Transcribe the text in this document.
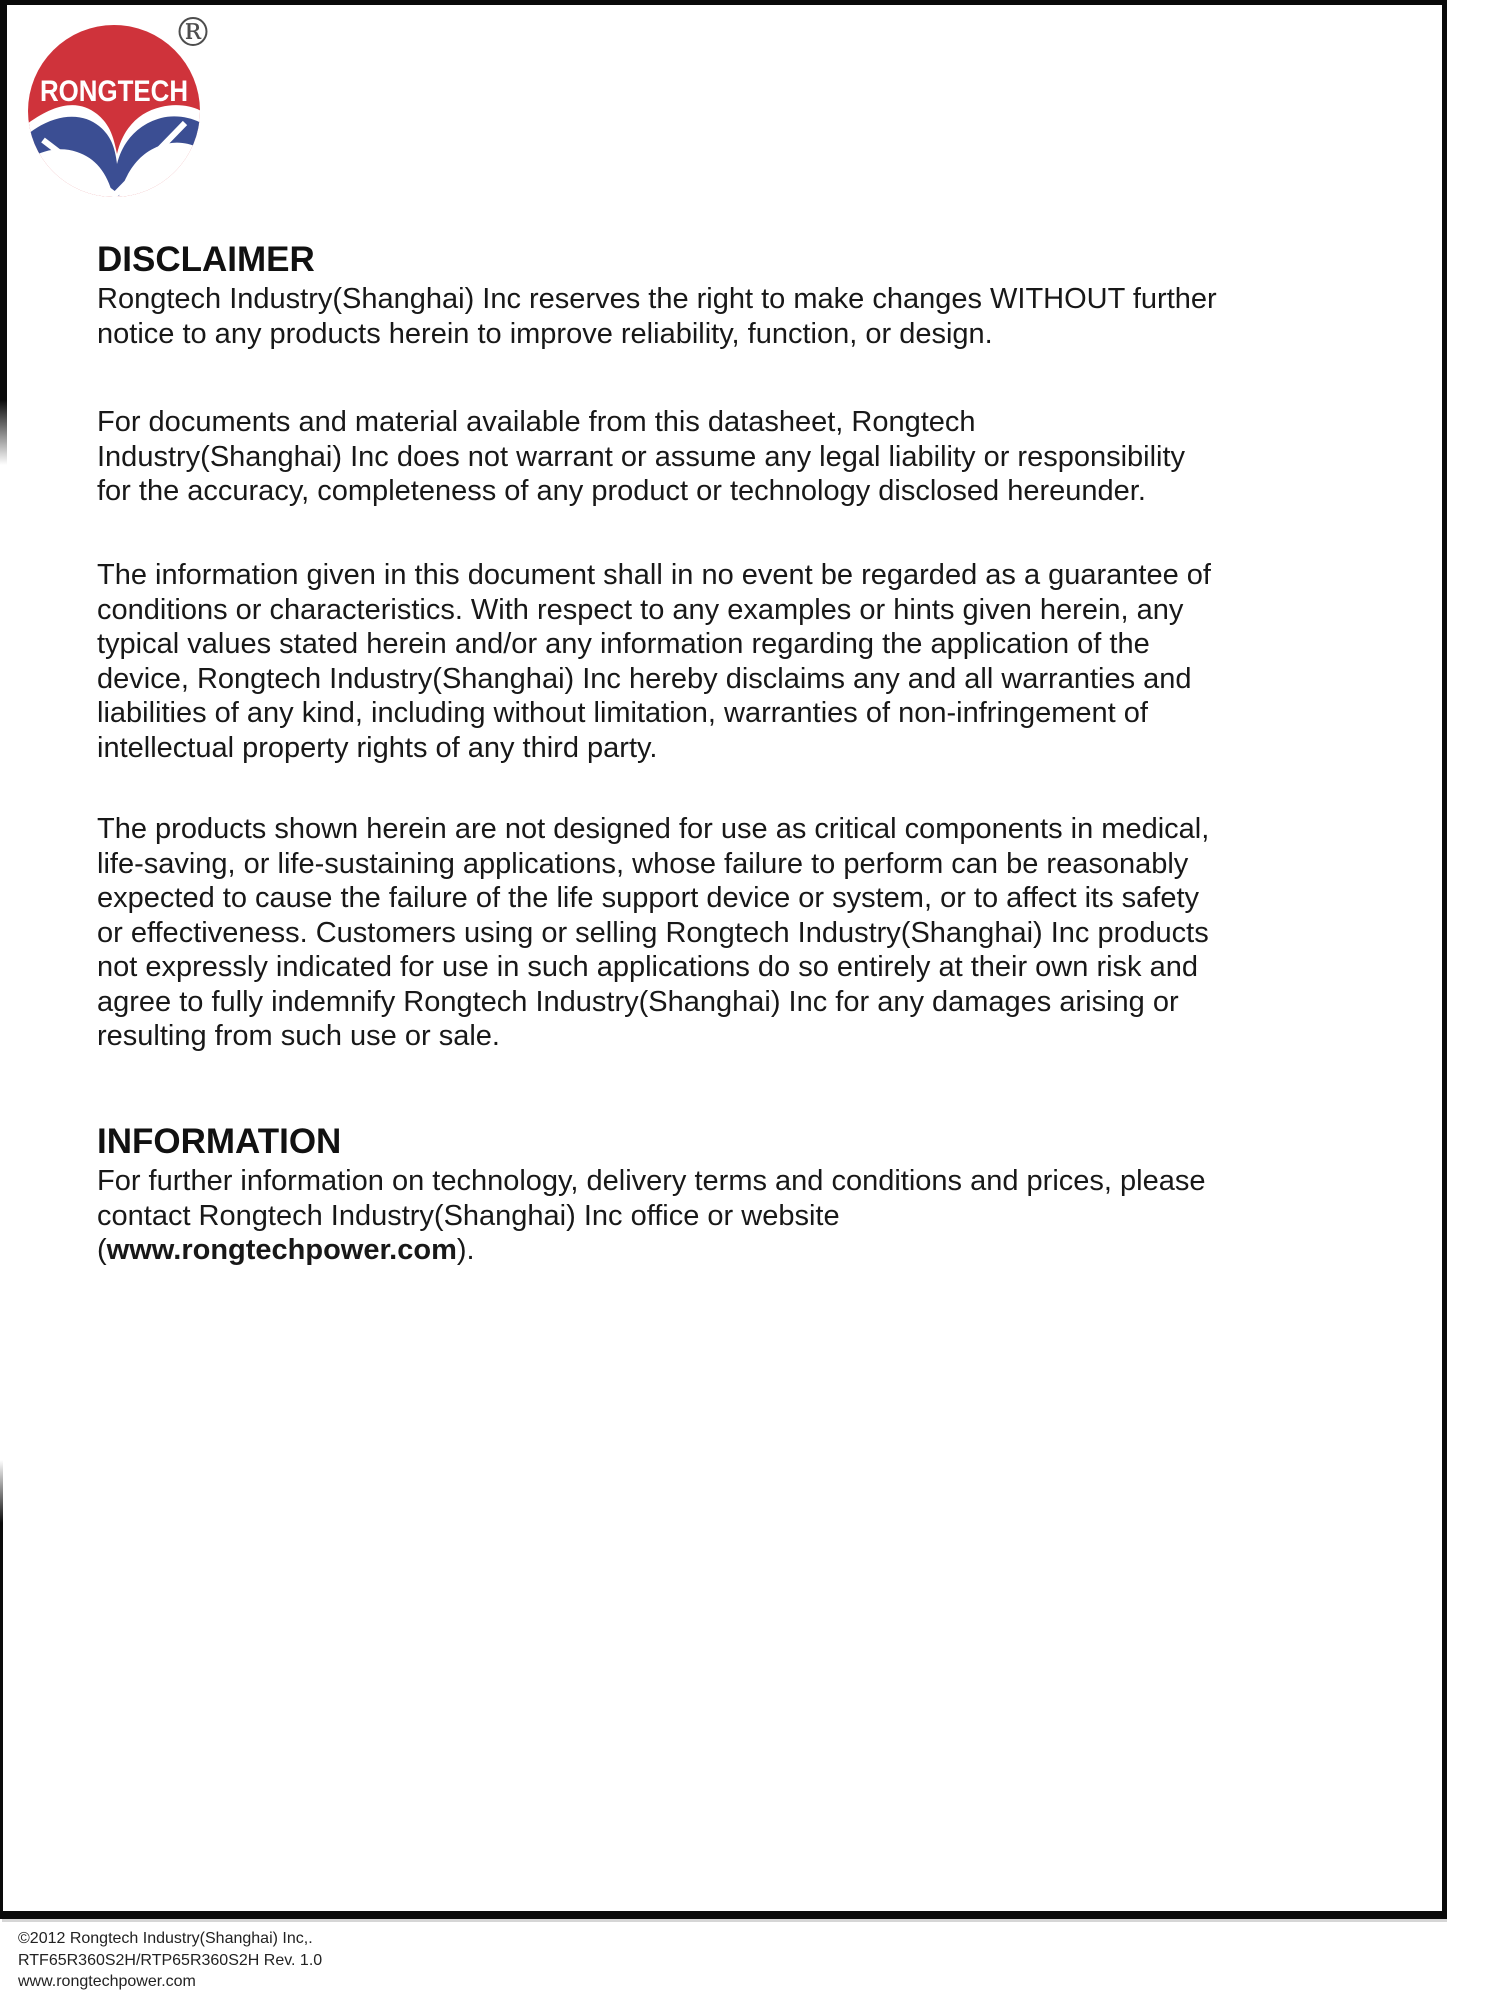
RONGTECH
®
DISCLAIMER
Rongtech Industry(Shanghai) Inc reserves the right to make changes WITHOUT further
notice to any products herein to improve reliability, function, or design.
For documents and material available from this datasheet, Rongtech
Industry(Shanghai) Inc does not warrant or assume any legal liability or responsibility
for the accuracy, completeness of any product or technology disclosed hereunder.
The information given in this document shall in no event be regarded as a guarantee of
conditions or characteristics. With respect to any examples or hints given herein, any
typical values stated herein and/or any information regarding the application of the
device, Rongtech Industry(Shanghai) Inc hereby disclaims any and all warranties and
liabilities of any kind, including without limitation, warranties of non-infringement of
intellectual property rights of any third party.
The products shown herein are not designed for use as critical components in medical,
life-saving, or life-sustaining applications, whose failure to perform can be reasonably
expected to cause the failure of the life support device or system, or to affect its safety
or effectiveness. Customers using or selling Rongtech Industry(Shanghai) Inc products
not expressly indicated for use in such applications do so entirely at their own risk and
agree to fully indemnify Rongtech Industry(Shanghai) Inc for any damages arising or
resulting from such use or sale.
INFORMATION
For further information on technology, delivery terms and conditions and prices, please
contact Rongtech Industry(Shanghai) Inc office or website
(www.rongtechpower.com).
©2012 Rongtech Industry(Shanghai) Inc,.
RTF65R360S2H/RTP65R360S2H Rev. 1.0
www.rongtechpower.com
